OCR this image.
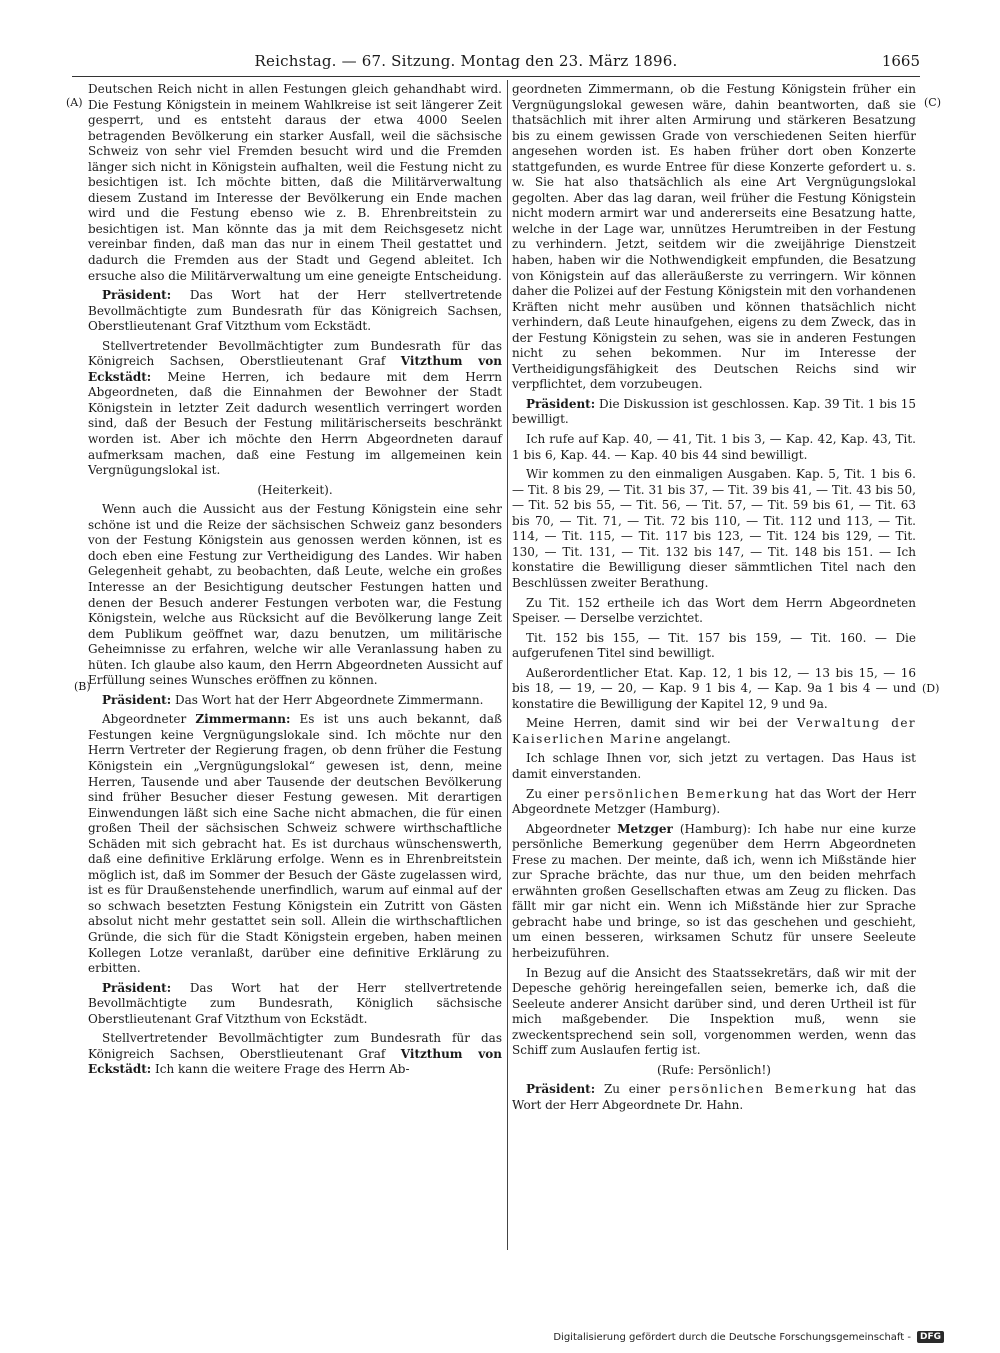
Reichstag. — 67. Sitzung. Montag den 23. März 1896.	1665
(A)
(B)
(C)
(D)

Deutschen Reich nicht in allen Festungen gleich gehandhabt wird. Die Festung Königstein in meinem Wahlkreise ist seit längerer Zeit gesperrt, und es entsteht daraus der etwa 4000 Seelen betragenden Bevölkerung ein starker Ausfall, weil die sächsische Schweiz von sehr viel Fremden besucht wird und die Fremden länger sich nicht in Königstein aufhalten, weil die Festung nicht zu besichtigen ist. Ich möchte bitten, daß die Militärverwaltung diesem Zustand im Interesse der Bevölkerung ein Ende machen wird und die Festung ebenso wie z. B. Ehrenbreitstein zu besichtigen ist. Man könnte das ja mit dem Reichsgesetz nicht vereinbar finden, daß man das nur in einem Theil gestattet und dadurch die Fremden aus der Stadt und Gegend ableitet. Ich ersuche also die Militärverwaltung um eine geneigte Entscheidung.

Präsident: Das Wort hat der Herr stellvertretende Bevollmächtigte zum Bundesrath für das Königreich Sachsen, Oberstlieutenant Graf Vitzthum vom Eckstädt.

Stellvertretender Bevollmächtigter zum Bundesrath für das Königreich Sachsen, Oberstlieutenant Graf Vitzthum von Eckstädt: Meine Herren, ich bedaure mit dem Herrn Abgeordneten, daß die Einnahmen der Bewohner der Stadt Königstein in letzter Zeit dadurch wesentlich verringert worden sind, daß der Besuch der Festung militärischerseits beschränkt worden ist. Aber ich möchte den Herrn Abgeordneten darauf aufmerksam machen, daß eine Festung im allgemeinen kein Vergnügungslokal ist.

(Heiterkeit).

Wenn auch die Aussicht aus der Festung Königstein eine sehr schöne ist und die Reize der sächsischen Schweiz ganz besonders von der Festung Königstein aus genossen werden können, ist es doch eben eine Festung zur Vertheidigung des Landes. Wir haben Gelegenheit gehabt, zu beobachten, daß Leute, welche ein großes Interesse an der Besichtigung deutscher Festungen hatten und denen der Besuch anderer Festungen verboten war, die Festung Königstein, welche aus Rücksicht auf die Bevölkerung lange Zeit dem Publikum geöffnet war, dazu benutzen, um militärische Geheimnisse zu erfahren, welche wir alle Veranlassung haben zu hüten. Ich glaube also kaum, den Herrn Abgeordneten Aussicht auf Erfüllung seines Wunsches eröffnen zu können.

Präsident: Das Wort hat der Herr Abgeordnete Zimmermann.

Abgeordneter Zimmermann: Es ist uns auch bekannt, daß Festungen keine Vergnügungslokale sind. Ich möchte nur den Herrn Vertreter der Regierung fragen, ob denn früher die Festung Königstein ein „Vergnügungslokal“ gewesen ist, denn, meine Herren, Tausende und aber Tausende der deutschen Bevölkerung sind früher Besucher dieser Festung gewesen. Mit derartigen Einwendungen läßt sich eine Sache nicht abmachen, die für einen großen Theil der sächsischen Schweiz schwere wirthschaftliche Schäden mit sich gebracht hat. Es ist durchaus wünschenswerth, daß eine definitive Erklärung erfolge. Wenn es in Ehrenbreitstein möglich ist, daß im Sommer der Besuch der Gäste zugelassen wird, ist es für Draußenstehende unerfindlich, warum auf einmal auf der so schwach besetzten Festung Königstein ein Zutritt von Gästen absolut nicht mehr gestattet sein soll. Allein die wirthschaftlichen Gründe, die sich für die Stadt Königstein ergeben, haben meinen Kollegen Lotze veranlaßt, darüber eine definitive Erklärung zu erbitten.

Präsident: Das Wort hat der Herr stellvertretende Bevollmächtigte zum Bundesrath, Königlich sächsische Oberstlieutenant Graf Vitzthum von Eckstädt.

Stellvertretender Bevollmächtigter zum Bundesrath für das Königreich Sachsen, Oberstlieutenant Graf Vitzthum von Eckstädt: Ich kann die weitere Frage des Herrn Ab-

geordneten Zimmermann, ob die Festung Königstein früher ein Vergnügungslokal gewesen wäre, dahin beantworten, daß sie thatsächlich mit ihrer alten Armirung und stärkeren Besatzung bis zu einem gewissen Grade von verschiedenen Seiten hierfür angesehen worden ist. Es haben früher dort oben Konzerte stattgefunden, es wurde Entree für diese Konzerte gefordert u. s. w. Sie hat also thatsächlich als eine Art Vergnügungslokal gegolten. Aber das lag daran, weil früher die Festung Königstein nicht modern armirt war und andererseits eine Besatzung hatte, welche in der Lage war, unnützes Herumtreiben in der Festung zu verhindern. Jetzt, seitdem wir die zweijährige Dienstzeit haben, haben wir die Nothwendigkeit empfunden, die Besatzung von Königstein auf das alleräußerste zu verringern. Wir können daher die Polizei auf der Festung Königstein mit den vorhandenen Kräften nicht mehr ausüben und können thatsächlich nicht verhindern, daß Leute hinaufgehen, eigens zu dem Zweck, das in der Festung Königstein zu sehen, was sie in anderen Festungen nicht zu sehen bekommen. Nur im Interesse der Vertheidigungsfähigkeit des Deutschen Reichs sind wir verpflichtet, dem vorzubeugen.

Präsident: Die Diskussion ist geschlossen. Kap. 39 Tit. 1 bis 15 bewilligt.

Ich rufe auf Kap. 40, — 41, Tit. 1 bis 3, — Kap. 42, Kap. 43, Tit. 1 bis 6, Kap. 44. — Kap. 40 bis 44 sind bewilligt.

Wir kommen zu den einmaligen Ausgaben. Kap. 5, Tit. 1 bis 6. — Tit. 8 bis 29, — Tit. 31 bis 37, — Tit. 39 bis 41, — Tit. 43 bis 50, — Tit. 52 bis 55, — Tit. 56, — Tit. 57, — Tit. 59 bis 61, — Tit. 63 bis 70, — Tit. 71, — Tit. 72 bis 110, — Tit. 112 und 113, — Tit. 114, — Tit. 115, — Tit. 117 bis 123, — Tit. 124 bis 129, — Tit. 130, — Tit. 131, — Tit. 132 bis 147, — Tit. 148 bis 151. — Ich konstatire die Bewilligung dieser sämmtlichen Titel nach den Beschlüssen zweiter Berathung.

Zu Tit. 152 ertheile ich das Wort dem Herrn Abgeordneten Speiser. — Derselbe verzichtet.

Tit. 152 bis 155, — Tit. 157 bis 159, — Tit. 160. — Die aufgerufenen Titel sind bewilligt.

Außerordentlicher Etat. Kap. 12, 1 bis 12, — 13 bis 15, — 16 bis 18, — 19, — 20, — Kap. 9 1 bis 4, — Kap. 9a 1 bis 4 — und konstatire die Bewilligung der Kapitel 12, 9 und 9a.

Meine Herren, damit sind wir bei der Verwaltung der Kaiserlichen Marine angelangt.

Ich schlage Ihnen vor, sich jetzt zu vertagen. Das Haus ist damit einverstanden.

Zu einer persönlichen Bemerkung hat das Wort der Herr Abgeordnete Metzger (Hamburg).

Abgeordneter Metzger (Hamburg): Ich habe nur eine kurze persönliche Bemerkung gegenüber dem Herrn Abgeordneten Frese zu machen. Der meinte, daß ich, wenn ich Mißstände hier zur Sprache brächte, das nur thue, um den beiden mehrfach erwähnten großen Gesellschaften etwas am Zeug zu flicken. Das fällt mir gar nicht ein. Wenn ich Mißstände hier zur Sprache gebracht habe und bringe, so ist das geschehen und geschieht, um einen besseren, wirksamen Schutz für unsere Seeleute herbeizuführen.

In Bezug auf die Ansicht des Staatssekretärs, daß wir mit der Depesche gehörig hereingefallen seien, bemerke ich, daß die Seeleute anderer Ansicht darüber sind, und deren Urtheil ist für mich maßgebender. Die Inspektion muß, wenn sie zweckentsprechend sein soll, vorgenommen werden, wenn das Schiff zum Auslaufen fertig ist.

(Rufe: Persönlich!)

Präsident: Zu einer persönlichen Bemerkung hat das Wort der Herr Abgeordnete Dr. Hahn.

Digitalisierung gefördert durch die Deutsche Forschungsgemeinschaft -	DFG
